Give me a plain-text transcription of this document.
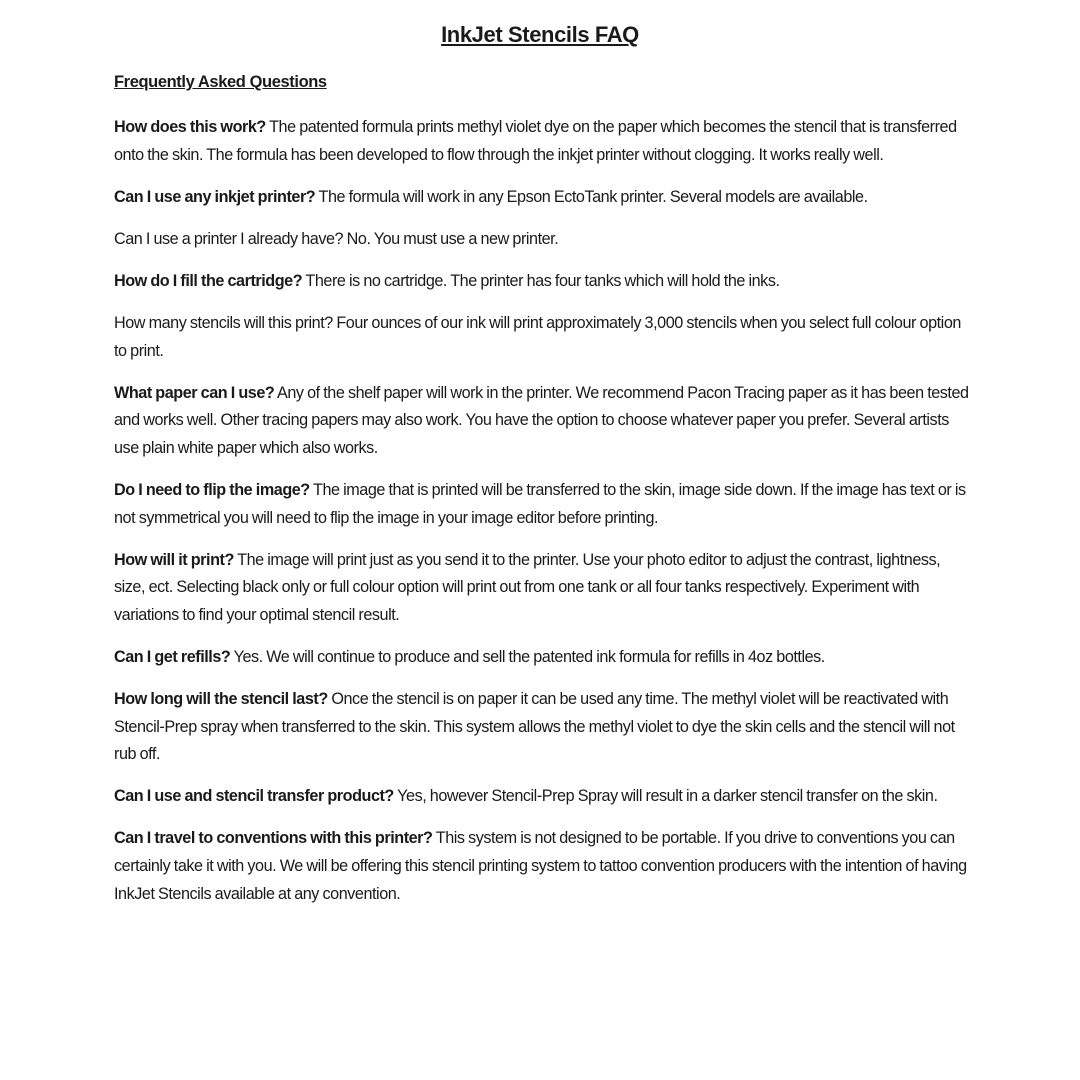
InkJet Stencils FAQ
Frequently Asked Questions

How does this work? The patented formula prints methyl violet dye on the paper which becomes the stencil that is transferred onto the skin. The formula has been developed to flow through the inkjet printer without clogging. It works really well.

Can I use any inkjet printer? The formula will work in any Epson EctoTank printer. Several models are available.

Can I use a printer I already have? No. You must use a new printer.

How do I fill the cartridge? There is no cartridge. The printer has four tanks which will hold the inks.

How many stencils will this print? Four ounces of our ink will print approximately 3,000 stencils when you select full colour option to print.

What paper can I use? Any of the shelf paper will work in the printer. We recommend Pacon Tracing paper as it has been tested and works well. Other tracing papers may also work. You have the option to choose whatever paper you prefer. Several artists use plain white paper which also works.

Do I need to flip the image? The image that is printed will be transferred to the skin, image side down. If the image has text or is not symmetrical you will need to flip the image in your image editor before printing.

How will it print? The image will print just as you send it to the printer. Use your photo editor to adjust the contrast, lightness, size, ect. Selecting black only or full colour option will print out from one tank or all four tanks respectively. Experiment with variations to find your optimal stencil result.

Can I get refills? Yes. We will continue to produce and sell the patented ink formula for refills in 4oz bottles.

How long will the stencil last? Once the stencil is on paper it can be used any time. The methyl violet will be reactivated with Stencil-Prep spray when transferred to the skin. This system allows the methyl violet to dye the skin cells and the stencil will not rub off.

Can I use and stencil transfer product? Yes, however Stencil-Prep Spray will result in a darker stencil transfer on the skin.

Can I travel to conventions with this printer? This system is not designed to be portable. If you drive to conventions you can certainly take it with you. We will be offering this stencil printing system to tattoo convention producers with the intention of having InkJet Stencils available at any convention.
